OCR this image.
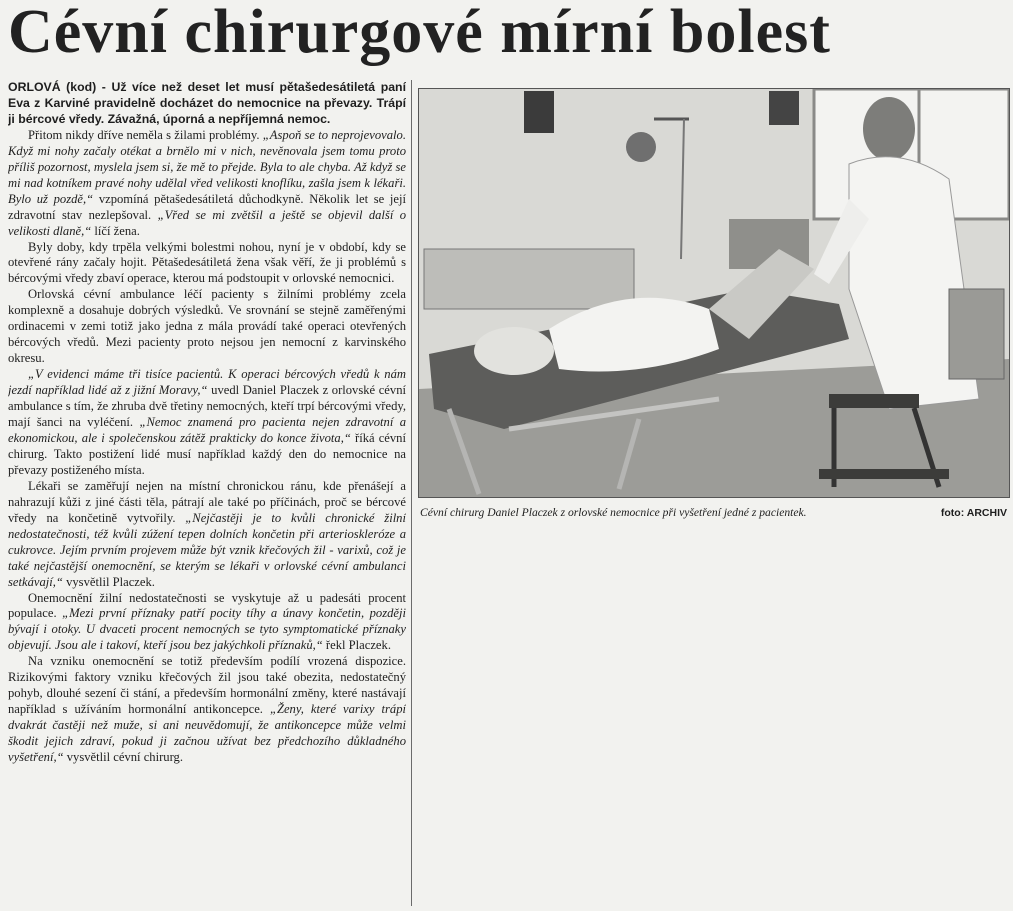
Cévní chirurgové mírní bolest

ORLOVÁ (kod) - Už více než deset let musí pětašedesátiletá paní Eva z Karviné pravidelně docházet do nemocnice na převazy. Trápí ji bércové vředy. Závažná, úporná a nepříjemná nemoc.

Přitom nikdy dříve neměla s žilami problémy. „Aspoň se to neprojevovalo. Když mi nohy začaly otékat a brnělo mi v nich, nevěnovala jsem tomu proto příliš pozornost, myslela jsem si, že mě to přejde. Byla to ale chyba. Až když se mi nad kotníkem pravé nohy udělal vřed velikosti knoflíku, zašla jsem k lékaři. Bylo už pozdě,“ vzpomíná pětašedesátiletá důchodkyně. Několik let se její zdravotní stav nezlepšoval. „Vřed se mi zvětšil a ještě se objevil další o velikosti dlaně,“ líčí žena.

Byly doby, kdy trpěla velkými bolestmi nohou, nyní je v období, kdy se otevřené rány začaly hojit. Pětašedesátiletá žena však věří, že ji problémů s bércovými vředy zbaví operace, kterou má podstoupit v orlovské nemocnici.

Orlovská cévní ambulance léčí pacienty s žilními problémy zcela komplexně a dosahuje dobrých výsledků. Ve srovnání se stejně zaměřenými ordinacemi v zemi totiž jako jedna z mála provádí také operaci otevřených bércových vředů. Mezi pacienty proto nejsou jen nemocní z karvinského okresu.

„V evidenci máme tři tisíce pacientů. K operaci bércových vředů k nám jezdí například lidé až z jižní Moravy,“ uvedl Daniel Placzek z orlovské cévní ambulance s tím, že zhruba dvě třetiny nemocných, kteří trpí bércovými vředy, mají šanci na vyléčení. „Nemoc znamená pro pacienta nejen zdravotní a ekonomickou, ale i společenskou zátěž prakticky do konce života,“ říká cévní chirurg. Takto postižení lidé musí například každý den do nemocnice na převazy postiženého místa.

Lékaři se zaměřují nejen na místní chronickou ránu, kde přenášejí a nahrazují kůži z jiné části těla, pátrají ale také po příčinách, proč se bércové vředy na končetině vytvořily. „Nejčastěji je to kvůli chronické žilní nedostatečnosti, též kvůli zúžení tepen dolních končetin při arterioskleróze a cukrovce. Jejím prvním projevem může být vznik křečových žil - varixů, což je také nejčastější onemocnění, se kterým se lékaři v orlovské cévní ambulanci setkávají,“ vysvětlil Placzek.

Onemocnění žilní nedostatečnosti se vyskytuje až u padesáti procent populace. „Mezi první příznaky patří pocity tíhy a únavy končetin, později bývají i otoky. U dvaceti procent nemocných se tyto symptomatické příznaky objevují. Jsou ale i takoví, kteří jsou bez jakýchkoli příznaků,“ řekl Placzek.

Na vzniku onemocnění se totiž především podílí vrozená dispozice. Rizikovými faktory vzniku křečových žil jsou také obezita, nedostatečný pohyb, dlouhé sezení či stání, a především hormonální změny, které nastávají například s užíváním hormonální antikoncepce. „Ženy, které varixy trápí dvakrát častěji než muže, si ani neuvědomují, že antikoncepce může velmi škodit jejich zdraví, pokud ji začnou užívat bez předchozího důkladného vyšetření,“ vysvětlil cévní chirurg.

Cévní chirurg Daniel Placzek z orlovské nemocnice při vyšetření jedné z pacientek.	foto: ARCHIV
